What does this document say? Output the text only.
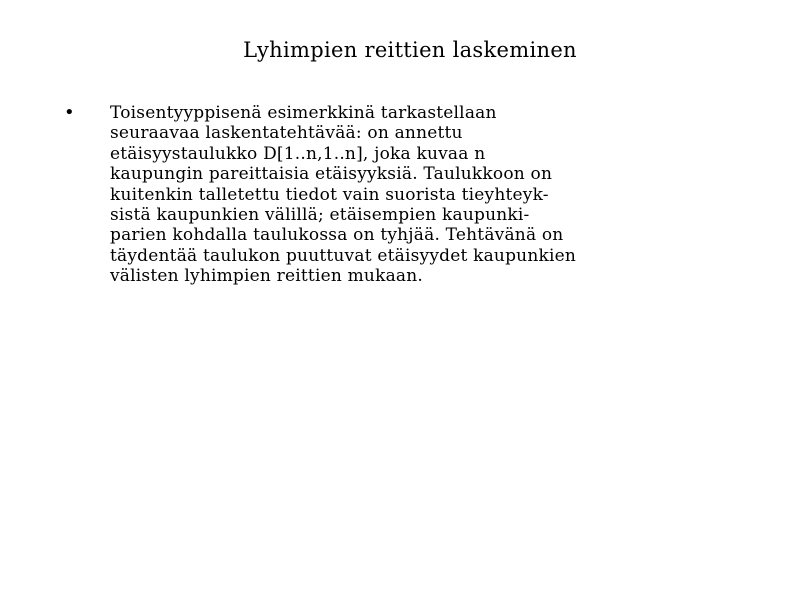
Lyhimpien reittien laskeminen
• Toisentyyppisenä esimerkkinä tarkastellaan
seuraavaa laskentatehtävää: on annettu
etäisyystaulukko D[1..n,1..n], joka kuvaa n
kaupungin pareittaisia etäisyyksiä. Taulukkoon on
kuitenkin talletettu tiedot vain suorista tieyhteyk-
sistä kaupunkien välillä; etäisempien kaupunki-
parien kohdalla taulukossa on tyhjää. Tehtävänä on
täydentää taulukon puuttuvat etäisyydet kaupunkien
välisten lyhimpien reittien mukaan.
